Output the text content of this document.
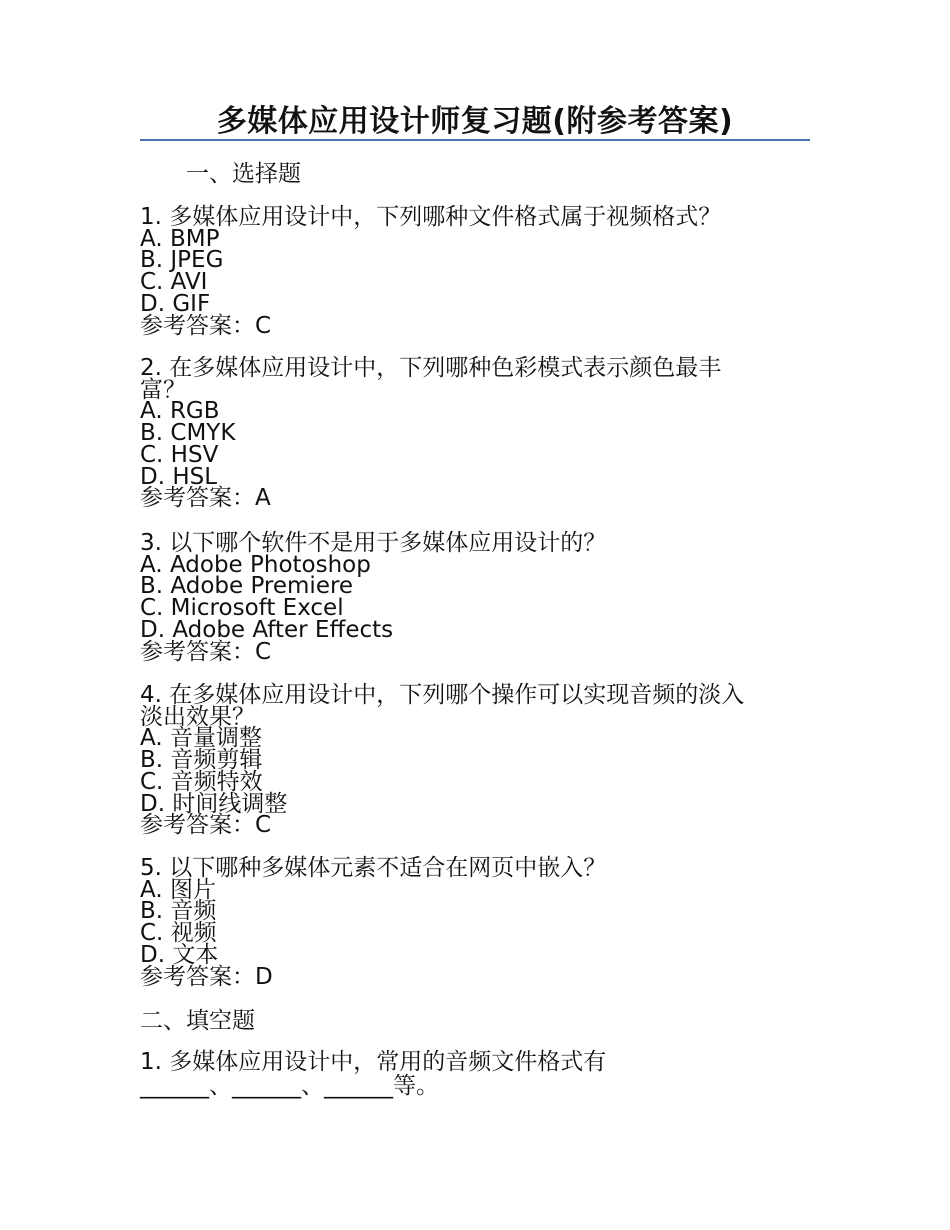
多媒体应用设计师复习题(附参考答案)
一、选择题
1. 多媒体应用设计中，下列哪种文件格式属于视频格式？
A. BMP
B. JPEG
C. AVI
D. GIF
参考答案：C
2. 在多媒体应用设计中，下列哪种色彩模式表示颜色最丰
富？
A. RGB
B. CMYK
C. HSV
D. HSL
参考答案：A
3. 以下哪个软件不是用于多媒体应用设计的？
A. Adobe Photoshop
B. Adobe Premiere
C. Microsoft Excel
D. Adobe After Effects
参考答案：C
4. 在多媒体应用设计中，下列哪个操作可以实现音频的淡入
淡出效果？
A. 音量调整
B. 音频剪辑
C. 音频特效
D. 时间线调整
参考答案：C
5. 以下哪种多媒体元素不适合在网页中嵌入？
A. 图片
B. 音频
C. 视频
D. 文本
参考答案：D
二、填空题
1. 多媒体应用设计中，常用的音频文件格式有
______、______、______等。
